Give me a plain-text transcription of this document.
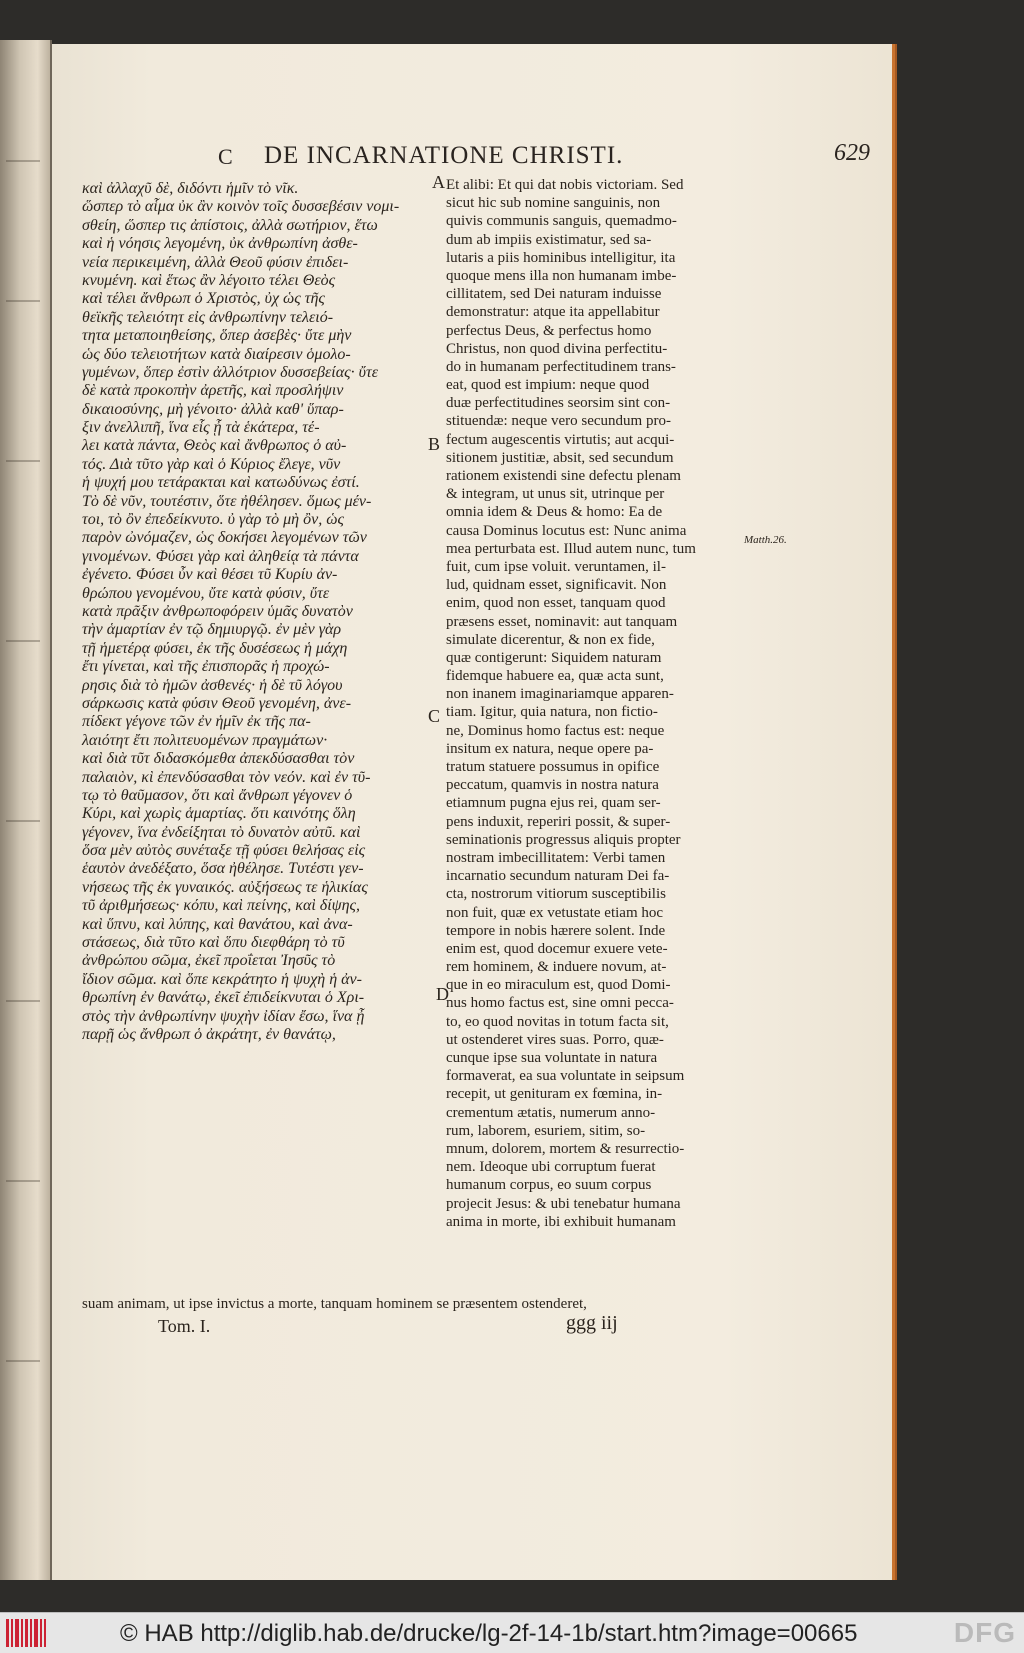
C DE INCARNATIONE CHRISTI.	629
καὶ ἀλλαχῦ δὲ, διδόντι ἡμῖν τὸ νῖκ.
ὥσπερ τὸ αἷμα ὐκ ἂν κοινὸν τοῖς δυσσεβέσιν νομι-
σθείη, ὥσπερ τις ἀπίστοις, ἀλλὰ σωτήριον, ἕτω
καὶ ἡ νόησις λεγομένη, ὐκ ἀνθρωπίνη ἀσθε-
νεία περικειμένη, ἀλλὰ Θεοῦ φύσιν ἐπιδει-
κνυμένη. καὶ ἕτως ἂν λέγοιτο τέλει Θεὸς
καὶ τέλει ἄνθρωπ ὁ Χριστὸς, ὐχ ὡς τῆς
θεϊκῆς τελειότητ εἰς ἀνθρωπίνην τελειό-
τητα μεταποιηθείσης, ὅπερ ἀσεβὲς· ὔτε μὴν
ὡς δύο τελειοτήτων κατὰ διαίρεσιν ὁμολο-
γυμένων, ὅπερ ἐστὶν ἀλλότριον δυσσεβείας· ὔτε
δὲ κατὰ προκοπὴν ἀρετῆς, καὶ προσλήψιν
δικαιοσύνης, μὴ γένοιτο· ἀλλὰ καθ' ὕπαρ-
ξιν ἀνελλιπῆ, ἵνα εἷς ᾖ τὰ ἑκάτερα, τέ-
λει κατὰ πάντα, Θεὸς καὶ ἄνθρωπος ὁ αὐ-
τός. Διὰ τῦτο γὰρ καὶ ὁ Κύριος ἔλεγε, νῦν
ἡ ψυχή μου τετάρακται καὶ κατωδύνως ἐστί.
Τὸ δὲ νῦν, τουτέστιν, ὅτε ἠθέλησεν. ὅμως μέν-
τοι, τὸ ὂν ἐπεδείκνυτο. ὐ γὰρ τὸ μὴ ὂν, ὡς
παρὸν ὠνόμαζεν, ὡς δοκήσει λεγομένων τῶν
γινομένων. Φύσει γὰρ καὶ ἀληθείᾳ τὰ πάντα
ἐγένετο. Φύσει ὖν καὶ θέσει τῦ Κυρίυ ἀν-
θρώπου γενομένου, ὔτε κατὰ φύσιν, ὔτε
κατὰ πρᾶξιν ἀνθρωποφόρειν ὑμᾶς δυνατὸν
τὴν ἁμαρτίαν ἐν τῷ δημιυργῷ. ἐν μὲν γὰρ
τῇ ἡμετέρᾳ φύσει, ἐκ τῆς δυσέσεως ἡ μάχη
ἔτι γίνεται, καὶ τῆς ἐπισπορᾶς ἡ προχώ-
ρησις διὰ τὸ ἡμῶν ἀσθενές· ἡ δὲ τῦ λόγου
σάρκωσις κατὰ φύσιν Θεοῦ γενομένη, ἀνε-
πίδεκτ γέγονε τῶν ἐν ἡμῖν ἐκ τῆς πα-
λαιότητ ἔτι πολιτευομένων πραγμάτων·
καὶ διὰ τῦτ διδασκόμεθα ἀπεκδύσασθαι τὸν
παλαιὸν, κὶ ἐπενδύσασθαι τὸν νεόν. καὶ ἐν τῦ-
τῳ τὸ θαῦμασον, ὅτι καὶ ἄνθρωπ γέγονεν ὁ
Κύρι, καὶ χωρὶς ἁμαρτίας. ὅτι καινότης ὅλη
γέγονεν, ἵνα ἐνδείξηται τὸ δυνατὸν αὐτῦ. καὶ
ὅσα μὲν αὐτὸς συνέταξε τῇ φύσει θελήσας εἰς
ἑαυτὸν ἀνεδέξατο, ὅσα ἠθέλησε. Τυτέστι γεν-
νήσεως τῆς ἐκ γυναικός. αὐξήσεως τε ἡλικίας
τῦ ἀριθμήσεως· κόπυ, καὶ πείνης, καὶ δίψης,
καὶ ὕπνυ, καὶ λύπης, καὶ θανάτου, καὶ ἀνα-
στάσεως, διὰ τῦτο καὶ ὅπυ διεφθάρη τὸ τῦ
ἀνθρώπου σῶμα, ἐκεῖ προΐεται Ἰησῦς τὸ
ἴδιον σῶμα. καὶ ὅπε κεκράτητο ἡ ψυχὴ ἡ ἀν-
θρωπίνη ἐν θανάτῳ, ἐκεῖ ἐπιδείκνυται ὁ Χρι-
στὸς τὴν ἀνθρωπίνην ψυχὴν ἰδίαν ἔσω, ἵνα ᾖ
παρῇ ὡς ἄνθρωπ ὁ ἀκράτητ, ἐν θανάτῳ,
Et alibi: Et qui dat nobis victoriam. Sed
sicut hic sub nomine sanguinis, non
quivis communis sanguis, quemadmo-
dum ab impiis existimatur, sed sa-
lutaris a piis hominibus intelligitur, ita
quoque mens illa non humanam imbe-
cillitatem, sed Dei naturam induisse
demonstratur: atque ita appellabitur
perfectus Deus, & perfectus homo
Christus, non quod divina perfectitu-
do in humanam perfectitudinem trans-
eat, quod est impium: neque quod
duæ perfectitudines seorsim sint con-
stituendæ: neque vero secundum pro-
fectum augescentis virtutis; aut acqui-
sitionem justitiæ, absit, sed secundum
rationem existendi sine defectu plenam
& integram, ut unus sit, utrinque per
omnia idem & Deus & homo: Ea de
causa Dominus locutus est: Nunc anima
mea perturbata est. Illud autem nunc, tum
fuit, cum ipse voluit. veruntamen, il-
lud, quidnam esset, significavit. Non
enim, quod non esset, tanquam quod
præsens esset, nominavit: aut tanquam
simulate dicerentur, & non ex fide,
quæ contigerunt: Siquidem naturam
fidemque habuere ea, quæ acta sunt,
non inanem imaginariamque apparen-
tiam. Igitur, quia natura, non fictio-
ne, Dominus homo factus est: neque
insitum ex natura, neque opere pa-
tratum statuere possumus in opifice
peccatum, quamvis in nostra natura
etiamnum pugna ejus rei, quam ser-
pens induxit, reperiri possit, & super-
seminationis progressus aliquis propter
nostram imbecillitatem: Verbi tamen
incarnatio secundum naturam Dei fa-
cta, nostrorum vitiorum susceptibilis
non fuit, quæ ex vetustate etiam hoc
tempore in nobis hærere solent. Inde
enim est, quod docemur exuere vete-
rem hominem, & induere novum, at-
que in eo miraculum est, quod Domi-
nus homo factus est, sine omni pecca-
to, eo quod novitas in totum facta sit,
ut ostenderet vires suas. Porro, quæ-
cunque ipse sua voluntate in natura
formaverat, ea sua voluntate in seipsum
recepit, ut genituram ex fœmina, in-
crementum ætatis, numerum anno-
rum, laborem, esuriem, sitim, so-
mnum, dolorem, mortem & resurrectio-
nem. Ideoque ubi corruptum fuerat
humanum corpus, eo suum corpus
projecit Jesus: & ubi tenebatur humana
anima in morte, ibi exhibuit humanam
A
B
C
D
Matth.26.
suam animam, ut ipse invictus a morte, tanquam hominem se præsentem ostenderet,
Tom. I.	ggg iij
© HAB http://diglib.hab.de/drucke/lg-2f-14-1b/start.htm?image=00665	DFG
